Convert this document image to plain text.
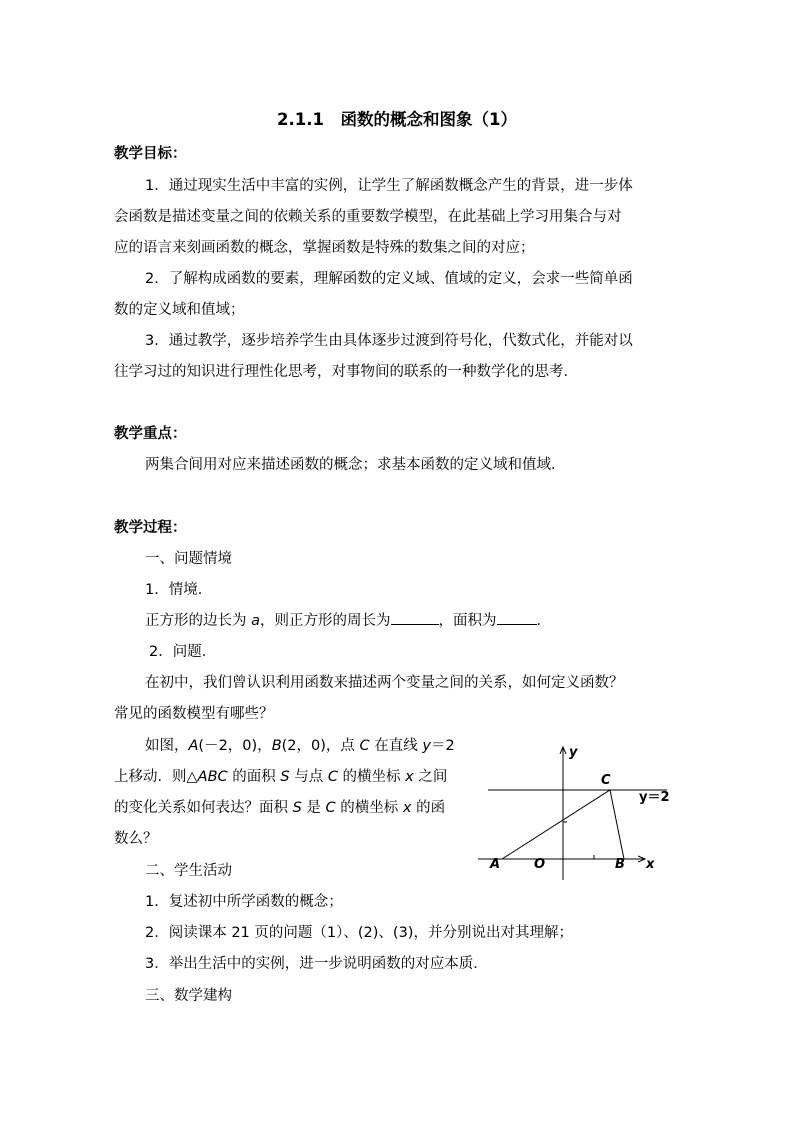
2.1.1　函数的概念和图象（1）
教学目标：
1．通过现实生活中丰富的实例，让学生了解函数概念产生的背景，进一步体
会函数是描述变量之间的依赖关系的重要数学模型，在此基础上学习用集合与对
应的语言来刻画函数的概念，掌握函数是特殊的数集之间的对应；
2．了解构成函数的要素，理解函数的定义域、值域的定义，会求一些简单函
数的定义域和值域；
3．通过教学，逐步培养学生由具体逐步过渡到符号化，代数式化，并能对以
往学习过的知识进行理性化思考，对事物间的联系的一种数学化的思考．
教学重点：
两集合间用对应来描述函数的概念；求基本函数的定义域和值域．
教学过程：
一、问题情境
1．情境．
正方形的边长为 a，则正方形的周长为	，面积为	．
2．问题．
在初中，我们曾认识利用函数来描述两个变量之间的关系，如何定义函数？
常见的函数模型有哪些？
如图，A(－2，0)，B(2，0)，点 C 在直线 y＝2
上移动．则△ABC 的面积 S 与点 C 的横坐标 x 之间
的变化关系如何表达？面积 S 是 C 的横坐标 x 的函
数么？
y
x
C
y＝2
A	O	B
二、学生活动
1．复述初中所学函数的概念；
2．阅读课本 21 页的问题（1）、(2)、(3)，并分别说出对其理解；
3．举出生活中的实例，进一步说明函数的对应本质．
三、数学建构
